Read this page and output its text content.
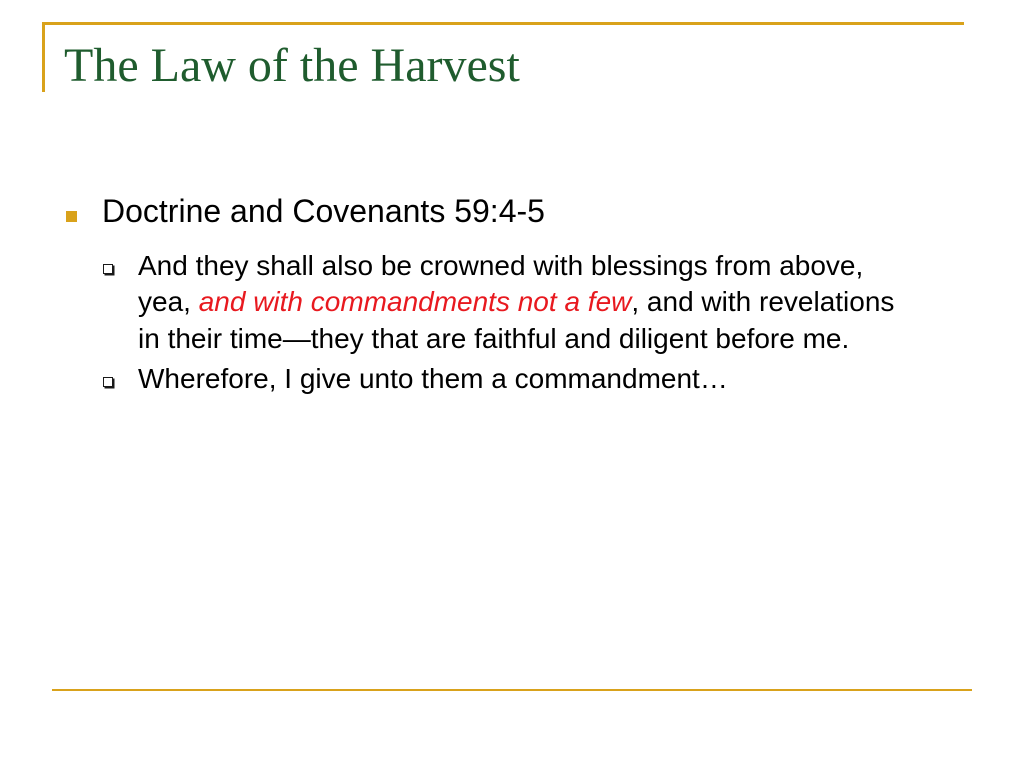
The Law of the Harvest
Doctrine and Covenants 59:4-5
And they shall also be crowned with blessings from above, yea, and with commandments not a few, and with revelations in their time—they that are faithful and diligent before me.
Wherefore, I give unto them a commandment…
